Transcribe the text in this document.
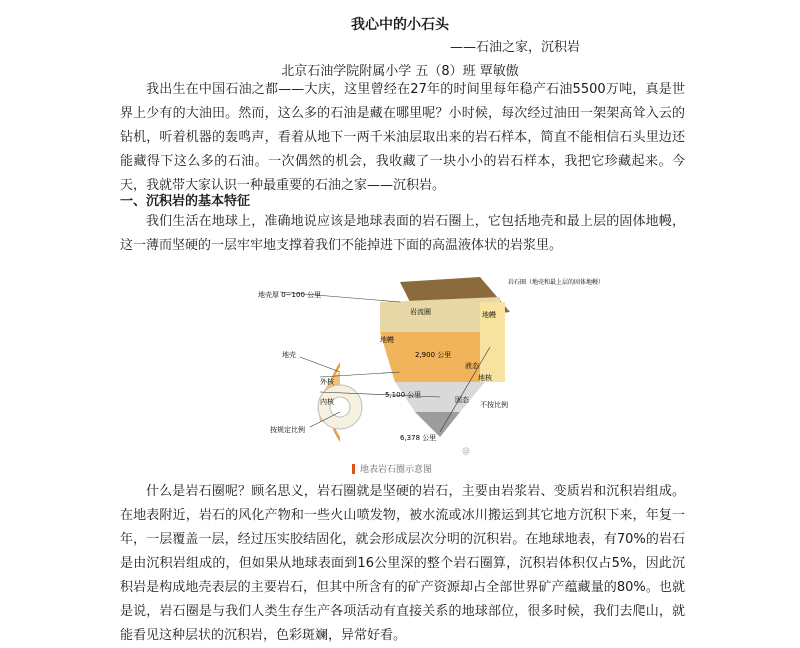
我心中的小石头
——石油之家，沉积岩
北京石油学院附属小学 五（8）班 覃敏傲

我出生在中国石油之都——大庆，这里曾经在27年的时间里每年稳产石油5500万吨，真是世界上少有的大油田。然而，这么多的石油是藏在哪里呢？小时候，每次经过油田一架架高耸入云的钻机，听着机器的轰鸣声，看着从地下一两千米油层取出来的岩石样本，简直不能相信石头里边还能藏得下这么多的石油。一次偶然的机会，我收藏了一块小小的岩石样本，我把它珍藏起来。今天，我就带大家认识一种最重要的石油之家——沉积岩。

一、沉积岩的基本特征

我们生活在地球上，准确地说应该是地球表面的岩石圈上，它包括地壳和最上层的固体地幔，这一薄而坚硬的一层牢牢地支撑着我们不能掉进下面的高温液体状的岩浆里。

地壳厚 0~100 公里
岩石圈（地壳和最上层的固体地幔）
岩流圈
地幔
2,900 公里
液态
外核
内核
5,100 公里
固态
6,378 公里
地幔
地核
不按比例
按规定比例
地壳
地表岩石圈示意图
@

什么是岩石圈呢？顾名思义，岩石圈就是坚硬的岩石，主要由岩浆岩、变质岩和沉积岩组成。在地表附近，岩石的风化产物和一些火山喷发物，被水流或冰川搬运到其它地方沉积下来，年复一年，一层覆盖一层，经过压实胶结固化，就会形成层次分明的沉积岩。在地球地表，有70%的岩石是由沉积岩组成的，但如果从地球表面到16公里深的整个岩石圈算，沉积岩体积仅占5%，因此沉积岩是构成地壳表层的主要岩石，但其中所含有的矿产资源却占全部世界矿产蕴藏量的80%。也就是说，岩石圈是与我们人类生存生产各项活动有直接关系的地球部位，很多时候，我们去爬山，就能看见这种层状的沉积岩，色彩斑斓，异常好看。
